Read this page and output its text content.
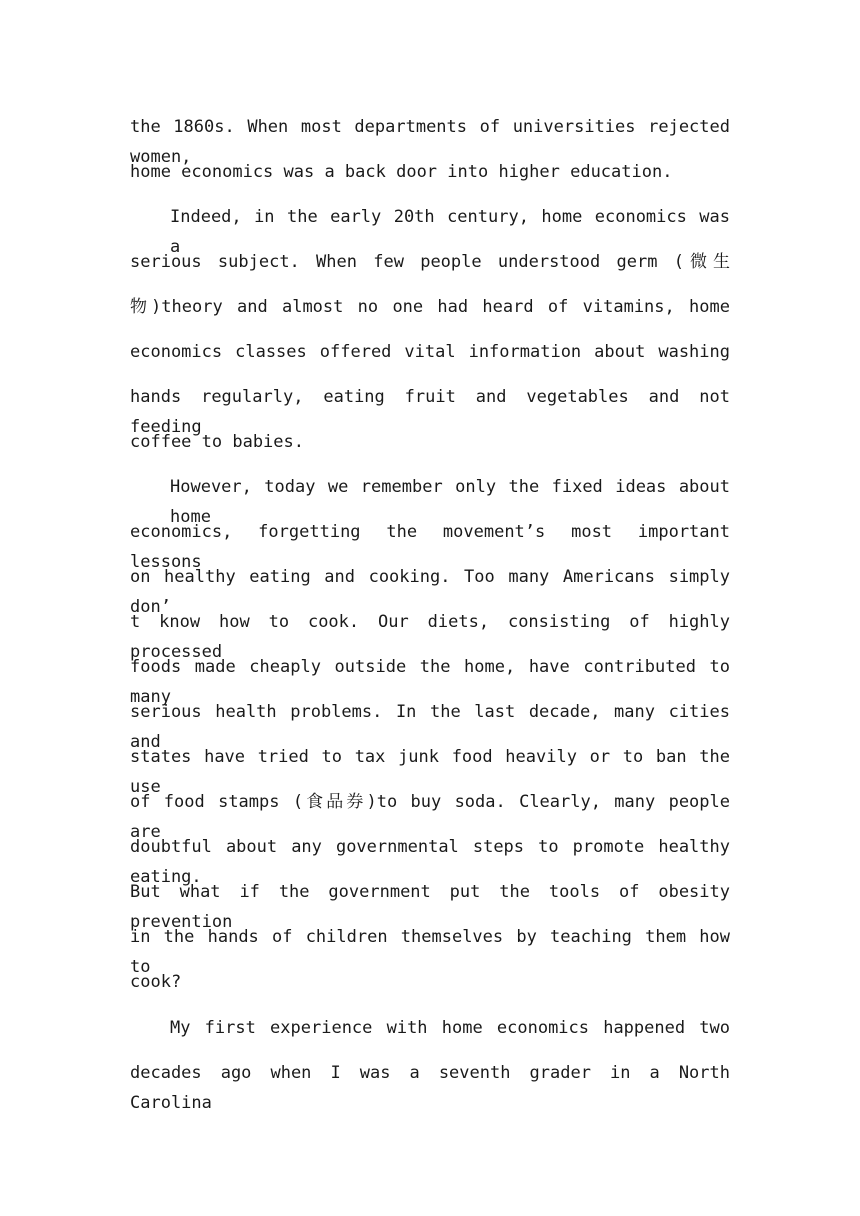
the 1860s. When most departments of universities rejected women,
home economics was a back door into higher education.
Indeed, in the early 20th century, home economics was a
serious subject. When few people understood germ (微生
物)theory and almost no one had heard of vitamins, home
economics classes offered vital information about washing
hands regularly, eating fruit and vegetables and not feeding
coffee to babies.
However, today we remember only the fixed ideas about home
economics, forgetting the movement’s most important lessons
on healthy eating and cooking. Too many Americans simply don’
t know how to cook. Our diets, consisting of highly processed
foods made cheaply outside the home, have contributed to many
serious health problems. In the last decade, many cities and
states have tried to tax junk food heavily or to ban the use
of food stamps (食品券)to buy soda. Clearly, many people are
doubtful about any governmental steps to promote healthy eating.
But what if the government put the tools of obesity prevention
in the hands of children themselves by teaching them how to
cook?
My first experience with home economics happened two
decades ago when I was a seventh grader in a North Carolina
